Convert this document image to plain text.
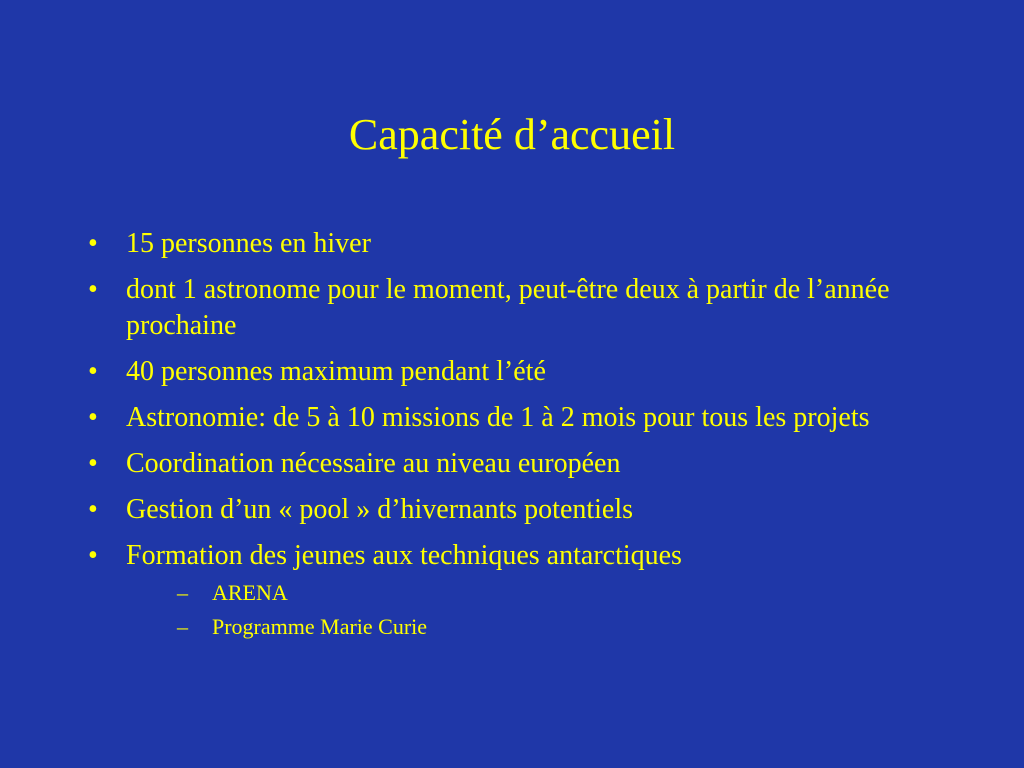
Capacité d’accueil
• 15 personnes en hiver
• dont 1 astronome pour le moment, peut-être deux à partir de l’année prochaine
• 40 personnes maximum pendant l’été
• Astronomie: de 5 à 10 missions de 1 à 2 mois pour tous les projets
• Coordination nécessaire au niveau européen
• Gestion d’un « pool » d’hivernants potentiels
• Formation des jeunes aux techniques antarctiques
– ARENA
– Programme Marie Curie
